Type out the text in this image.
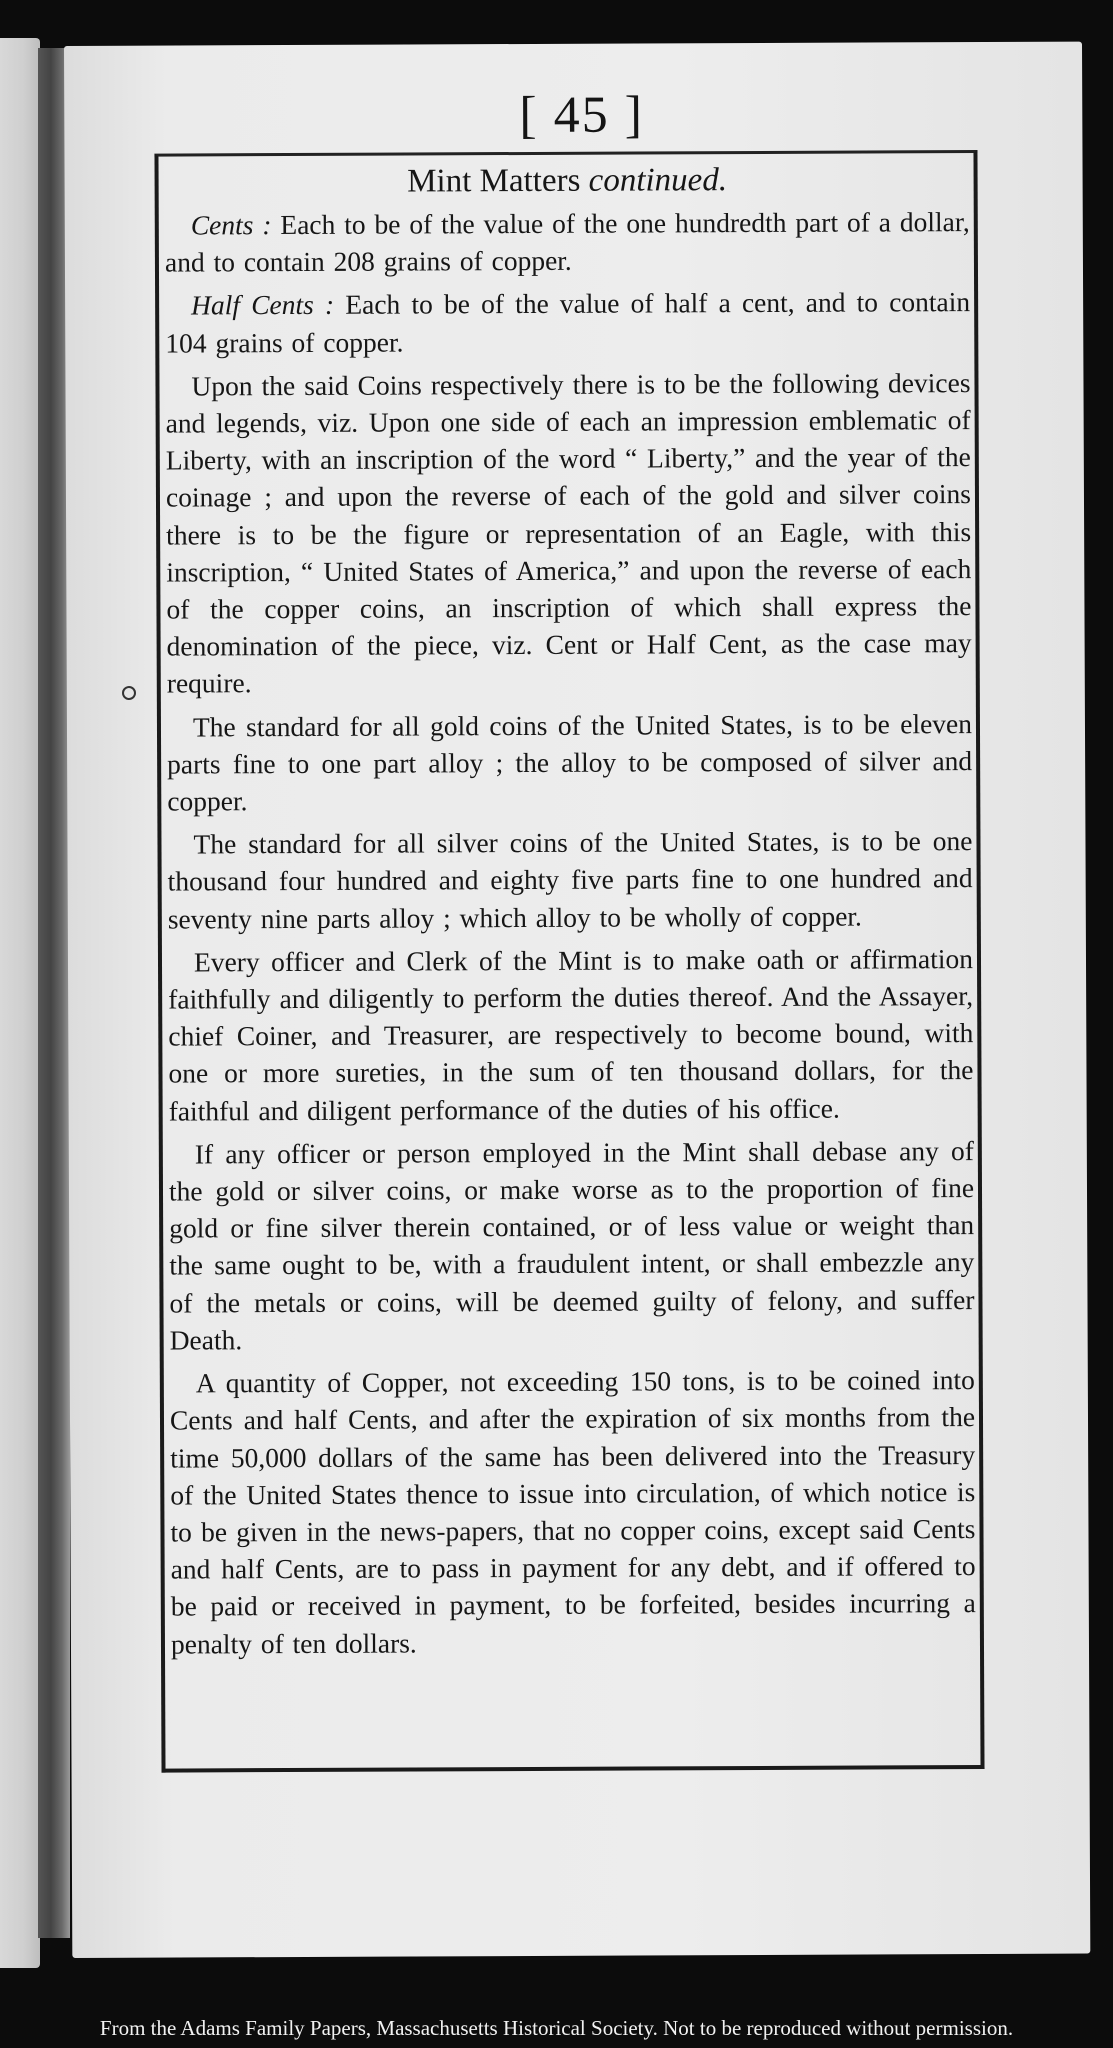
[ 45 ]
Mint Matters continued.

Cents : Each to be of the value of the one hundredth part of a dollar, and to contain 208 grains of copper.

Half Cents : Each to be of the value of half a cent, and to contain 104 grains of copper.

Upon the said Coins respectively there is to be the following devices and legends, viz. Upon one side of each an impression emblematic of Liberty, with an inscription of the word “ Liberty,” and the year of the coinage ; and upon the reverse of each of the gold and silver coins there is to be the figure or representation of an Eagle, with this inscription, “ United States of America,” and upon the reverse of each of the copper coins, an inscription of which shall express the denomination of the piece, viz. Cent or Half Cent, as the case may require.

The standard for all gold coins of the United States, is to be eleven parts fine to one part alloy ; the alloy to be composed of silver and copper.

The standard for all silver coins of the United States, is to be one thousand four hundred and eighty five parts fine to one hundred and seventy nine parts alloy ; which alloy to be wholly of copper.

Every officer and Clerk of the Mint is to make oath or affirmation faithfully and diligently to perform the duties thereof. And the Assayer, chief Coiner, and Treasurer, are respectively to become bound, with one or more sureties, in the sum of ten thousand dollars, for the faithful and diligent performance of the duties of his office.

If any officer or person employed in the Mint shall debase any of the gold or silver coins, or make worse as to the proportion of fine gold or fine silver therein contained, or of less value or weight than the same ought to be, with a fraudulent intent, or shall embezzle any of the metals or coins, will be deemed guilty of felony, and suffer Death.

A quantity of Copper, not exceeding 150 tons, is to be coined into Cents and half Cents, and after the expiration of six months from the time 50,000 dollars of the same has been delivered into the Treasury of the United States thence to issue into circulation, of which notice is to be given in the news-papers, that no copper coins, except said Cents and half Cents, are to pass in payment for any debt, and if offered to be paid or received in payment, to be forfeited, besides incurring a penalty of ten dollars.

From the Adams Family Papers, Massachusetts Historical Society. Not to be reproduced without permission.
